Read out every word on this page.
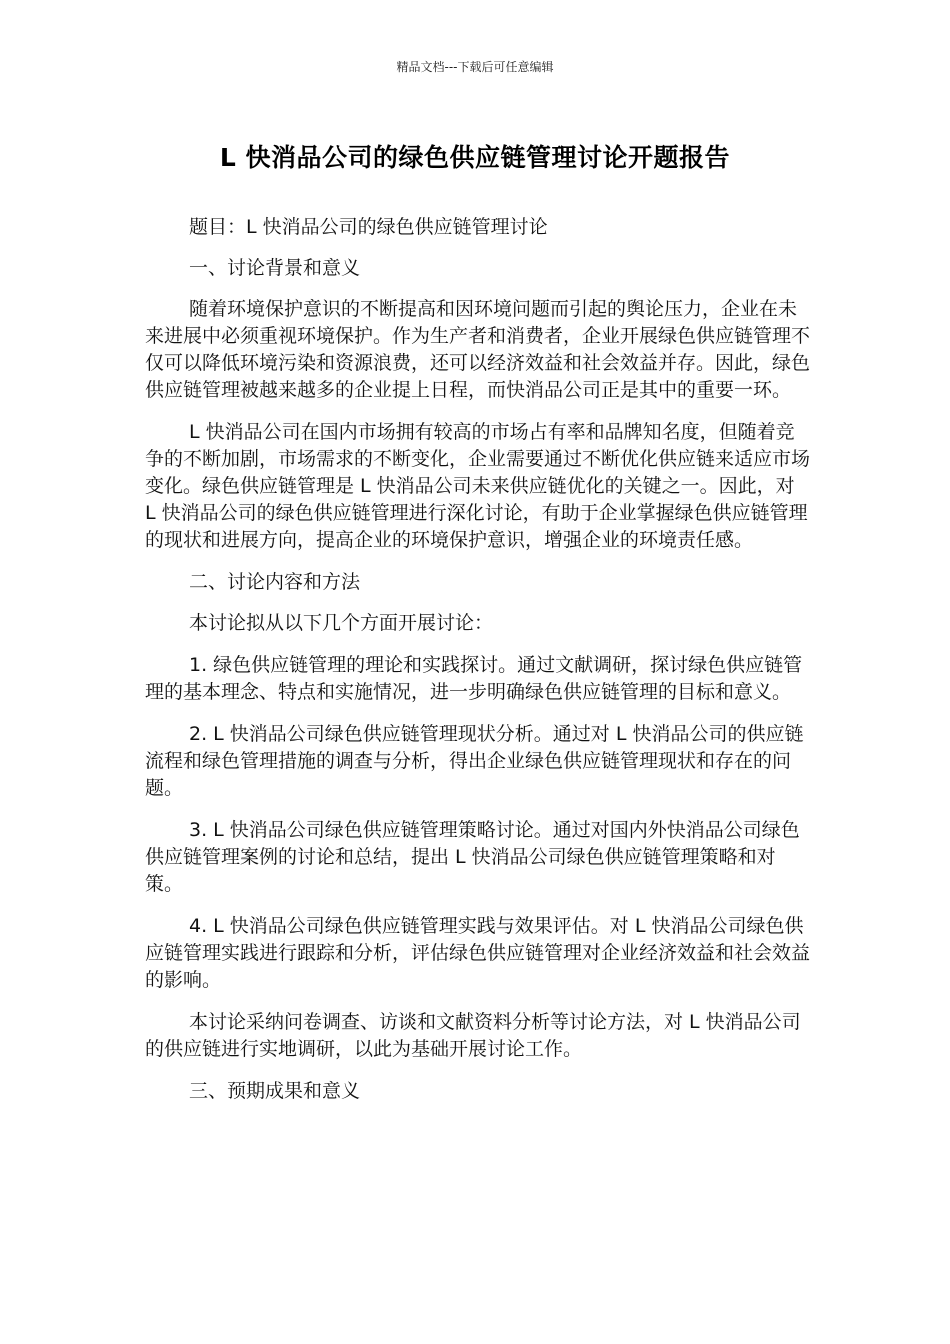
精品文档---下载后可任意编辑
L 快消品公司的绿色供应链管理讨论开题报告

题目：L 快消品公司的绿色供应链管理讨论

一、讨论背景和意义

随着环境保护意识的不断提高和因环境问题而引起的舆论压力，企业在未来进展中必须重视环境保护。作为生产者和消费者，企业开展绿色供应链管理不仅可以降低环境污染和资源浪费，还可以经济效益和社会效益并存。因此，绿色供应链管理被越来越多的企业提上日程，而快消品公司正是其中的重要一环。

L 快消品公司在国内市场拥有较高的市场占有率和品牌知名度，但随着竞争的不断加剧，市场需求的不断变化，企业需要通过不断优化供应链来适应市场变化。绿色供应链管理是 L 快消品公司未来供应链优化的关键之一。因此，对 L 快消品公司的绿色供应链管理进行深化讨论，有助于企业掌握绿色供应链管理的现状和进展方向，提高企业的环境保护意识，增强企业的环境责任感。

二、讨论内容和方法

本讨论拟从以下几个方面开展讨论：

1. 绿色供应链管理的理论和实践探讨。通过文献调研，探讨绿色供应链管理的基本理念、特点和实施情况，进一步明确绿色供应链管理的目标和意义。

2. L 快消品公司绿色供应链管理现状分析。通过对 L 快消品公司的供应链流程和绿色管理措施的调查与分析，得出企业绿色供应链管理现状和存在的问题。

3. L 快消品公司绿色供应链管理策略讨论。通过对国内外快消品公司绿色供应链管理案例的讨论和总结，提出 L 快消品公司绿色供应链管理策略和对策。

4. L 快消品公司绿色供应链管理实践与效果评估。对 L 快消品公司绿色供应链管理实践进行跟踪和分析，评估绿色供应链管理对企业经济效益和社会效益的影响。

本讨论采纳问卷调查、访谈和文献资料分析等讨论方法，对 L 快消品公司的供应链进行实地调研，以此为基础开展讨论工作。

三、预期成果和意义
